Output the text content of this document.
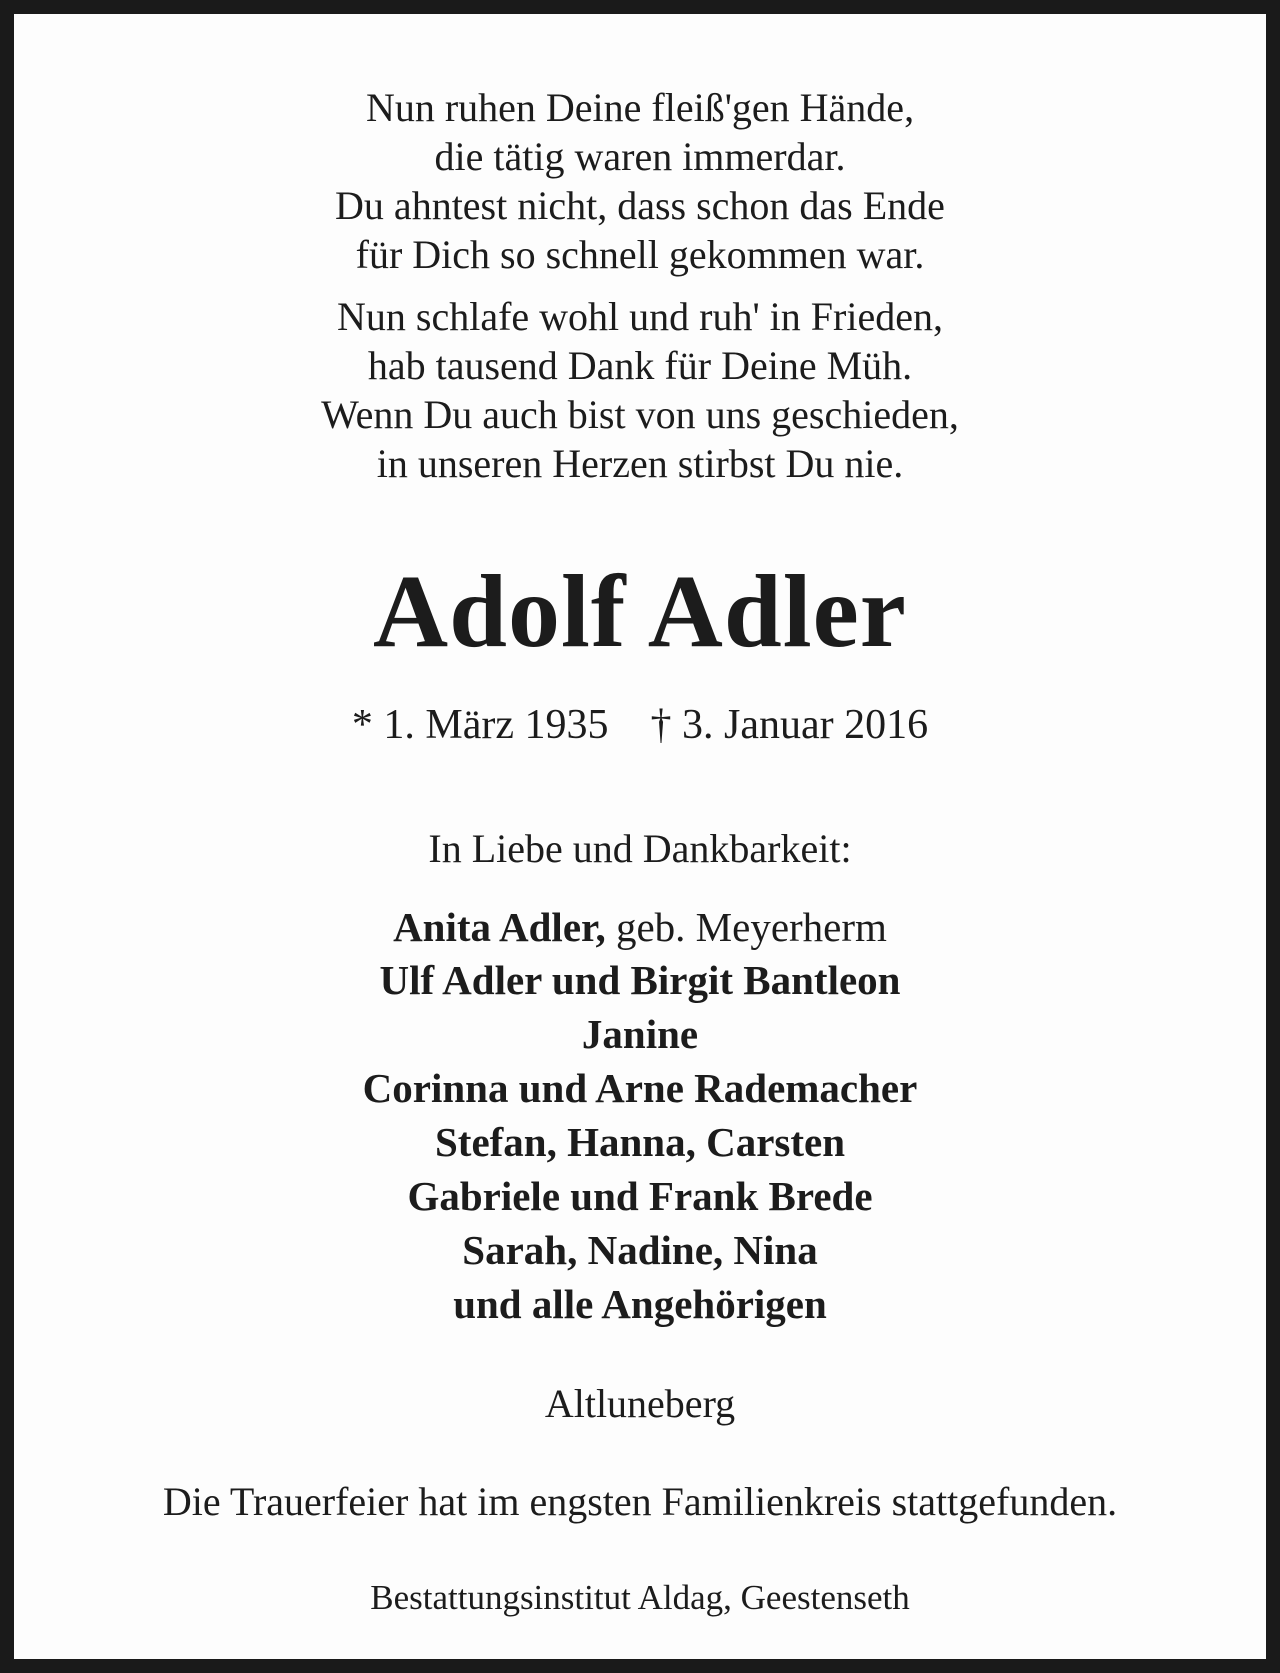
Nun ruhen Deine fleiß'gen Hände,
die tätig waren immerdar.
Du ahntest nicht, dass schon das Ende
für Dich so schnell gekommen war.
Nun schlafe wohl und ruh' in Frieden,
hab tausend Dank für Deine Müh.
Wenn Du auch bist von uns geschieden,
in unseren Herzen stirbst Du nie.
Adolf Adler
* 1. März 1935 † 3. Januar 2016
In Liebe und Dankbarkeit:
Anita Adler, geb. Meyerherm
Ulf Adler und Birgit Bantleon
Janine
Corinna und Arne Rademacher
Stefan, Hanna, Carsten
Gabriele und Frank Brede
Sarah, Nadine, Nina
und alle Angehörigen
Altluneberg
Die Trauerfeier hat im engsten Familienkreis stattgefunden.
Bestattungsinstitut Aldag, Geestenseth
